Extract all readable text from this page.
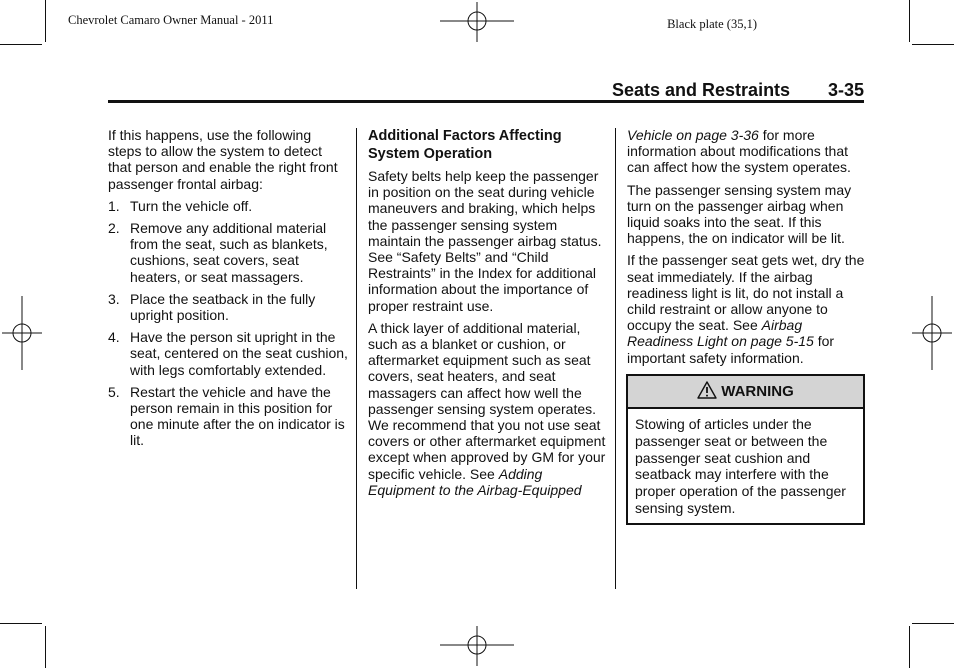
Chevrolet Camaro Owner Manual - 2011	Black plate (35,1)
Seats and Restraints 3-35

If this happens, use the following steps to allow the system to detect that person and enable the right front passenger frontal airbag:

1. Turn the vehicle off.
2. Remove any additional material from the seat, such as blankets, cushions, seat covers, seat heaters, or seat massagers.
3. Place the seatback in the fully upright position.
4. Have the person sit upright in the seat, centered on the seat cushion, with legs comfortably extended.
5. Restart the vehicle and have the person remain in this position for one minute after the on indicator is lit.
Additional Factors Affecting System Operation

Safety belts help keep the passenger in position on the seat during vehicle maneuvers and braking, which helps the passenger sensing system maintain the passenger airbag status. See “Safety Belts” and “Child Restraints” in the Index for additional information about the importance of proper restraint use.

A thick layer of additional material, such as a blanket or cushion, or aftermarket equipment such as seat covers, seat heaters, and seat massagers can affect how well the passenger sensing system operates. We recommend that you not use seat covers or other aftermarket equipment except when approved by GM for your specific vehicle. See Adding Equipment to the Airbag-Equipped

Vehicle on page 3-36 for more information about modifications that can affect how the system operates.

The passenger sensing system may turn on the passenger airbag when liquid soaks into the seat. If this happens, the on indicator will be lit.

If the passenger seat gets wet, dry the seat immediately. If the airbag readiness light is lit, do not install a child restraint or allow anyone to occupy the seat. See Airbag Readiness Light on page 5-15 for important safety information.

WARNING
Stowing of articles under the passenger seat or between the passenger seat cushion and seatback may interfere with the proper operation of the passenger sensing system.
